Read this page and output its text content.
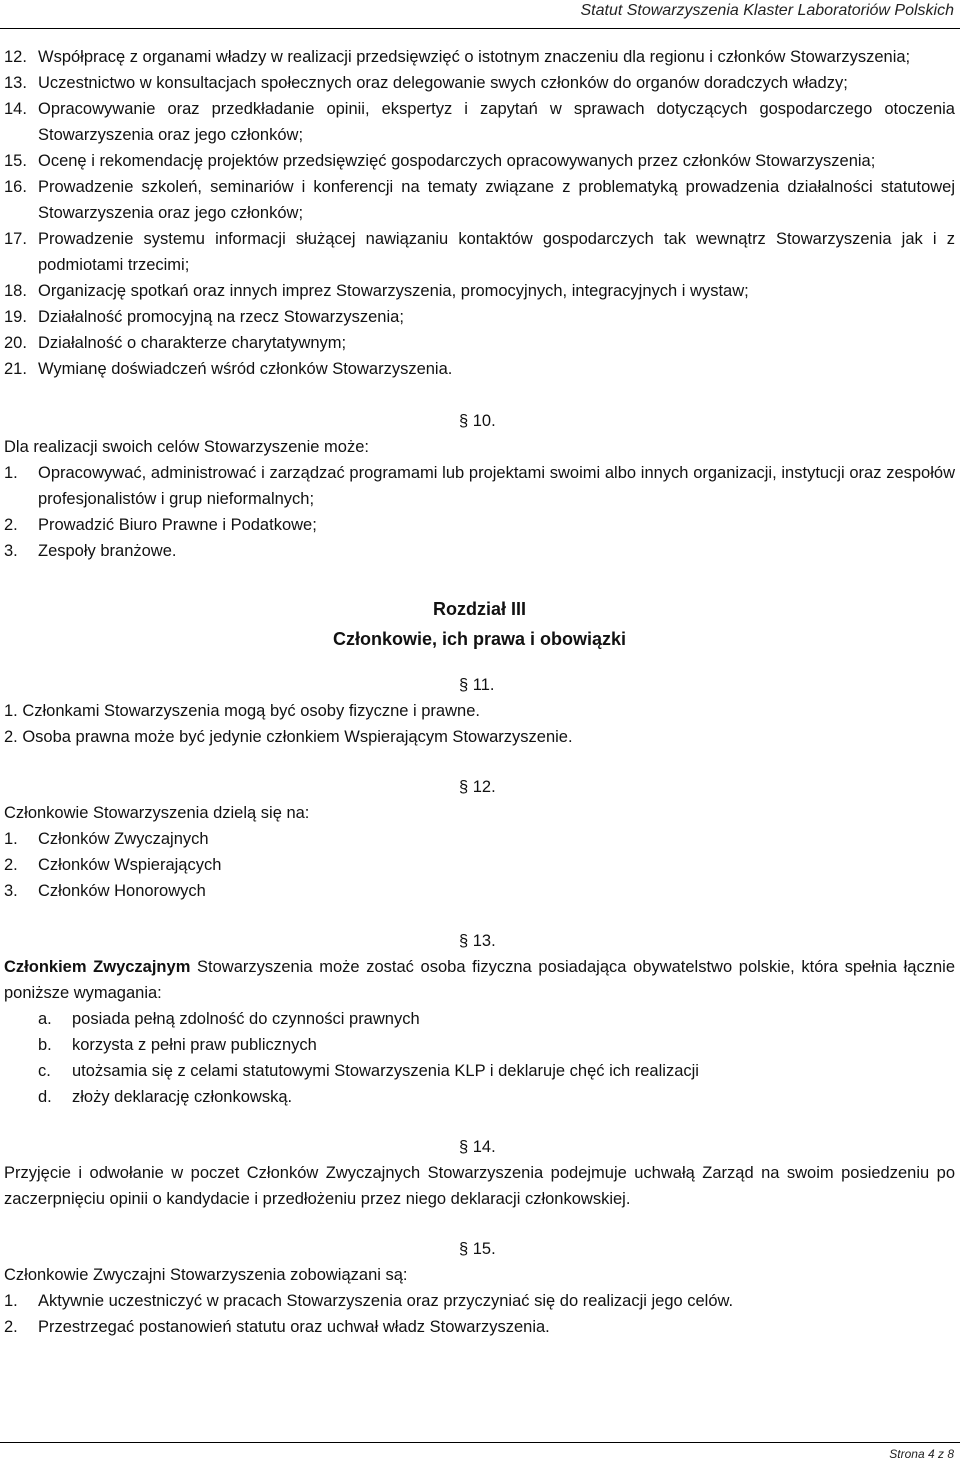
Statut Stowarzyszenia Klaster Laboratoriów Polskich
12. Współpracę z organami władzy w realizacji przedsięwzięć o istotnym znaczeniu dla regionu i członków Stowarzyszenia;
13. Uczestnictwo w konsultacjach społecznych oraz delegowanie swych członków do organów doradczych władzy;
14. Opracowywanie oraz przedkładanie opinii, ekspertyz i zapytań w sprawach dotyczących gospodarczego otoczenia Stowarzyszenia oraz jego członków;
15. Ocenę i rekomendację projektów przedsięwzięć gospodarczych opracowywanych przez członków Stowarzyszenia;
16. Prowadzenie szkoleń, seminariów i konferencji na tematy związane z problematyką prowadzenia działalności statutowej Stowarzyszenia oraz jego członków;
17. Prowadzenie systemu informacji służącej nawiązaniu kontaktów gospodarczych tak wewnątrz Stowarzyszenia jak i z podmiotami trzecimi;
18. Organizację spotkań oraz innych imprez Stowarzyszenia, promocyjnych, integracyjnych i wystaw;
19. Działalność promocyjną na rzecz Stowarzyszenia;
20. Działalność o charakterze charytatywnym;
21. Wymianę doświadczeń wśród członków Stowarzyszenia.
§ 10.

Dla realizacji swoich celów Stowarzyszenie może:

1. Opracowywać, administrować i zarządzać programami lub projektami swoimi albo innych organizacji, instytucji oraz zespołów profesjonalistów i grup nieformalnych;
2. Prowadzić Biuro Prawne i Podatkowe;
3. Zespoły branżowe.
Rozdział III
Członkowie, ich prawa i obowiązki
§ 11.

1. Członkami Stowarzyszenia mogą być osoby fizyczne i prawne.

2. Osoba prawna może być jedynie członkiem Wspierającym Stowarzyszenie.

§ 12.

Członkowie Stowarzyszenia dzielą się na:

1. Członków Zwyczajnych
2. Członków Wspierających
3. Członków Honorowych
§ 13.

Członkiem Zwyczajnym Stowarzyszenia może zostać osoba fizyczna posiadająca obywatelstwo polskie, która spełnia łącznie poniższe wymagania:

a. posiada pełną zdolność do czynności prawnych
b. korzysta z pełni praw publicznych
c. utożsamia się z celami statutowymi Stowarzyszenia KLP i deklaruje chęć ich realizacji
d. złoży deklarację członkowską.
§ 14.

Przyjęcie i odwołanie w poczet Członków Zwyczajnych Stowarzyszenia podejmuje uchwałą Zarząd na swoim posiedzeniu po zaczerpnięciu opinii o kandydacie i przedłożeniu przez niego deklaracji członkowskiej.

§ 15.

Członkowie Zwyczajni Stowarzyszenia zobowiązani są:

1. Aktywnie uczestniczyć w pracach Stowarzyszenia oraz przyczyniać się do realizacji jego celów.
2. Przestrzegać postanowień statutu oraz uchwał władz Stowarzyszenia.
Strona 4 z 8
